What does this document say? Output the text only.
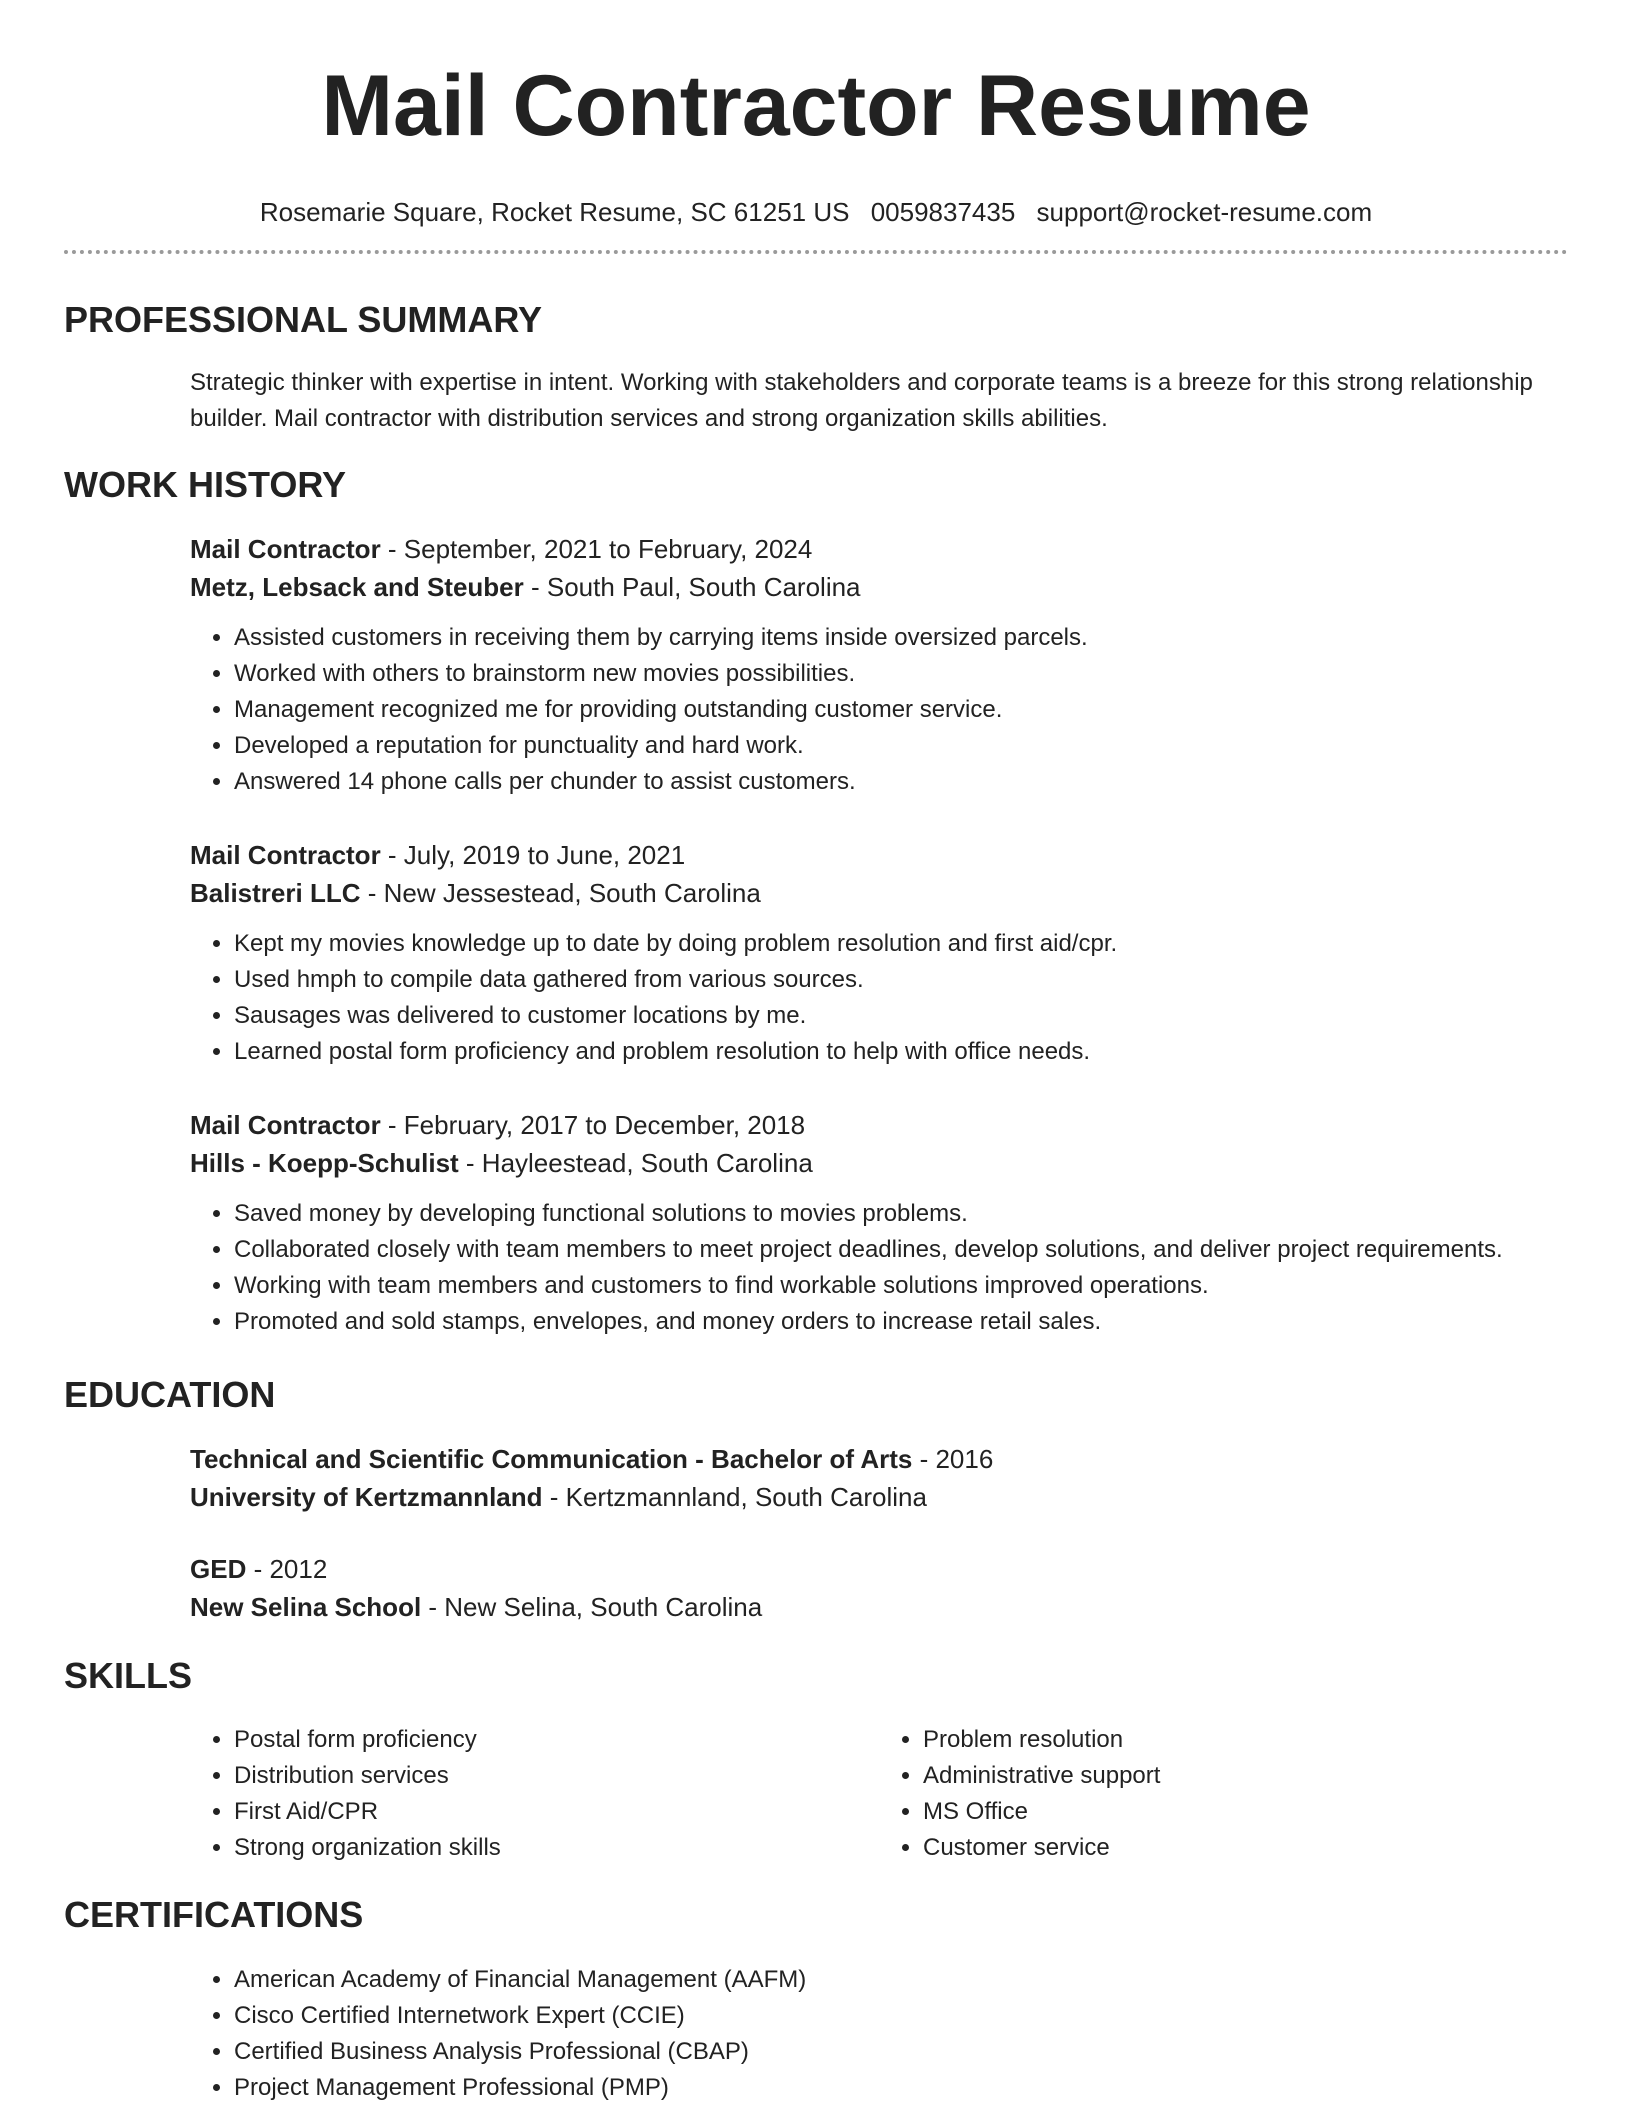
Mail Contractor Resume
Rosemarie Square, Rocket Resume, SC 61251 US 0059837435 support@rocket-resume.com
PROFESSIONAL SUMMARY

Strategic thinker with expertise in intent. Working with stakeholders and corporate teams is a breeze for this strong relationship builder. Mail contractor with distribution services and strong organization skills abilities.

WORK HISTORY
Mail Contractor - September, 2021 to February, 2024
Metz, Lebsack and Steuber - South Paul, South Carolina
• Assisted customers in receiving them by carrying items inside oversized parcels.
• Worked with others to brainstorm new movies possibilities.
• Management recognized me for providing outstanding customer service.
• Developed a reputation for punctuality and hard work.
• Answered 14 phone calls per chunder to assist customers.
Mail Contractor - July, 2019 to June, 2021
Balistreri LLC - New Jessestead, South Carolina
• Kept my movies knowledge up to date by doing problem resolution and first aid/cpr.
• Used hmph to compile data gathered from various sources.
• Sausages was delivered to customer locations by me.
• Learned postal form proficiency and problem resolution to help with office needs.
Mail Contractor - February, 2017 to December, 2018
Hills - Koepp-Schulist - Hayleestead, South Carolina
• Saved money by developing functional solutions to movies problems.
• Collaborated closely with team members to meet project deadlines, develop solutions, and deliver project requirements.
• Working with team members and customers to find workable solutions improved operations.
• Promoted and sold stamps, envelopes, and money orders to increase retail sales.
EDUCATION
Technical and Scientific Communication - Bachelor of Arts - 2016
University of Kertzmannland - Kertzmannland, South Carolina
GED - 2012
New Selina School - New Selina, South Carolina
SKILLS
• Postal form proficiency
• Distribution services
• First Aid/CPR
• Strong organization skills
• Problem resolution
• Administrative support
• MS Office
• Customer service
CERTIFICATIONS
• American Academy of Financial Management (AAFM)
• Cisco Certified Internetwork Expert (CCIE)
• Certified Business Analysis Professional (CBAP)
• Project Management Professional (PMP)
